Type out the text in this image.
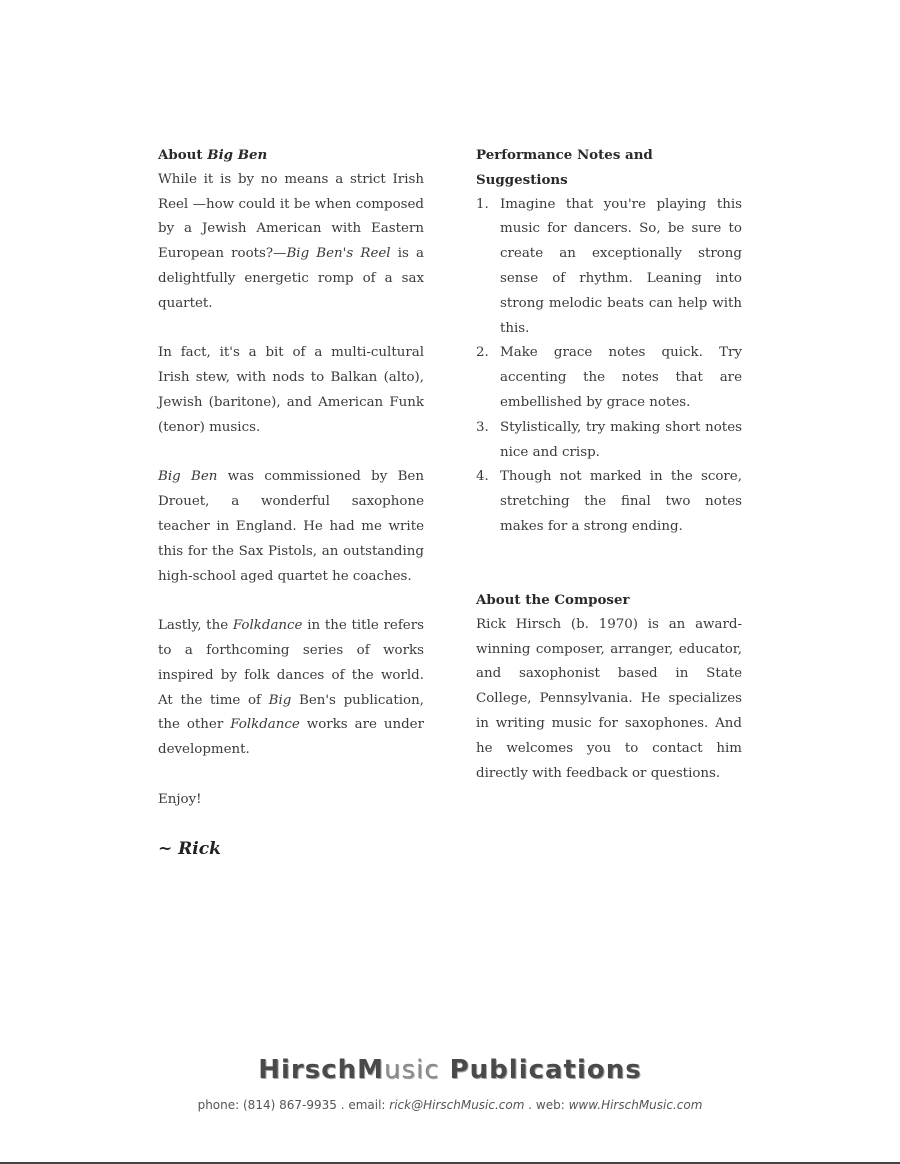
About Big Ben

While it is by no means a strict Irish Reel —how could it be when composed by a Jewish American with Eastern European roots?—Big Ben's Reel is a delightfully energetic romp of a sax quartet.

In fact, it's a bit of a multi-cultural Irish stew, with nods to Balkan (alto), Jewish (baritone), and American Funk (tenor) musics.

Big Ben was commissioned by Ben Drouet, a wonderful saxophone teacher in England. He had me write this for the Sax Pistols, an outstanding high-school aged quartet he coaches.

Lastly, the Folkdance in the title refers to a forthcoming series of works inspired by folk dances of the world. At the time of Big Ben's publication, the other Folkdance works are under development.

Enjoy!

~ Rick
Performance Notes and Suggestions
1. Imagine that you're playing this music for dancers. So, be sure to create an exceptionally strong sense of rhythm. Leaning into strong melodic beats can help with this.
2. Make grace notes quick. Try accenting the notes that are embellished by grace notes.
3. Stylistically, try making short notes nice and crisp.
4. Though not marked in the score, stretching the final two notes makes for a strong ending.
About the Composer

Rick Hirsch (b. 1970) is an award-winning composer, arranger, educator, and saxophonist based in State College, Pennsylvania. He specializes in writing music for saxophones. And he welcomes you to contact him directly with feedback or questions.

HirschMusic Publications
phone: (814) 867-9935 . email: rick@HirschMusic.com . web: www.HirschMusic.com
